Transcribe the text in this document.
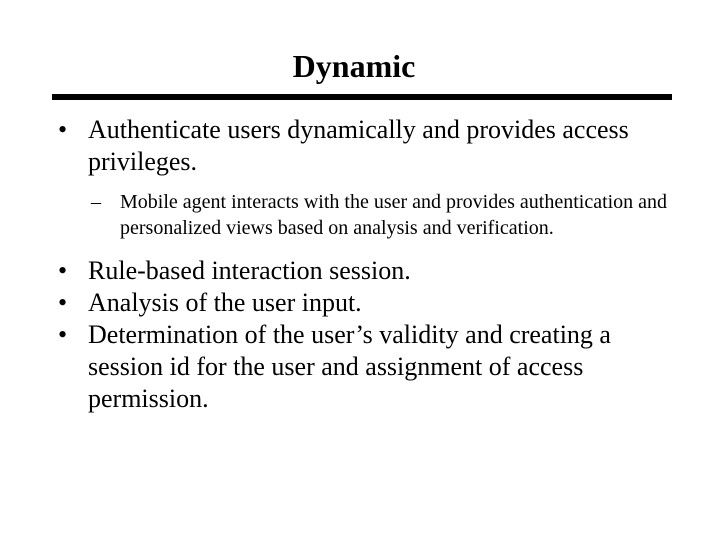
Dynamic
• Authenticate users dynamically and provides access privileges.
– Mobile agent interacts with the user and provides authentication and personalized views based on analysis and verification.
• Rule-based interaction session.
• Analysis of the user input.
• Determination of the user’s validity and creating a session id for the user and assignment of access permission.
